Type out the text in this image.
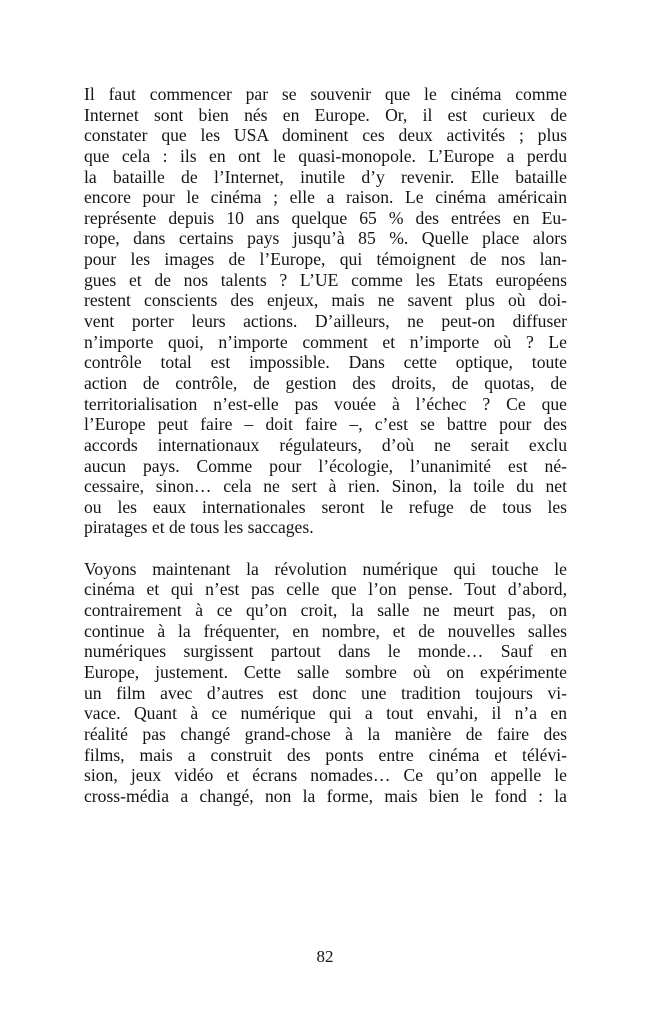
Il faut commencer par se souvenir que le cinéma comme
Internet sont bien nés en Europe. Or, il est curieux de
constater que les USA dominent ces deux activités ; plus
que cela : ils en ont le quasi-monopole. L’Europe a perdu
la bataille de l’Internet, inutile d’y revenir. Elle bataille
encore pour le cinéma ; elle a raison. Le cinéma américain
représente depuis 10 ans quelque 65 % des entrées en Eu-
rope, dans certains pays jusqu’à 85 %. Quelle place alors
pour les images de l’Europe, qui témoignent de nos lan-
gues et de nos talents ? L’UE comme les Etats européens
restent conscients des enjeux, mais ne savent plus où doi-
vent porter leurs actions. D’ailleurs, ne peut-on diffuser
n’importe quoi, n’importe comment et n’importe où ? Le
contrôle total est impossible. Dans cette optique, toute
action de contrôle, de gestion des droits, de quotas, de
territorialisation n’est-elle pas vouée à l’échec ? Ce que
l’Europe peut faire – doit faire –, c’est se battre pour des
accords internationaux régulateurs, d’où ne serait exclu
aucun pays. Comme pour l’écologie, l’unanimité est né-
cessaire, sinon… cela ne sert à rien. Sinon, la toile du net
ou les eaux internationales seront le refuge de tous les
piratages et de tous les saccages.

Voyons maintenant la révolution numérique qui touche le
cinéma et qui n’est pas celle que l’on pense. Tout d’abord,
contrairement à ce qu’on croit, la salle ne meurt pas, on
continue à la fréquenter, en nombre, et de nouvelles salles
numériques surgissent partout dans le monde… Sauf en
Europe, justement. Cette salle sombre où on expérimente
un film avec d’autres est donc une tradition toujours vi-
vace. Quant à ce numérique qui a tout envahi, il n’a en
réalité pas changé grand-chose à la manière de faire des
films, mais a construit des ponts entre cinéma et télévi-
sion, jeux vidéo et écrans nomades… Ce qu’on appelle le
cross-média a changé, non la forme, mais bien le fond : la

82
